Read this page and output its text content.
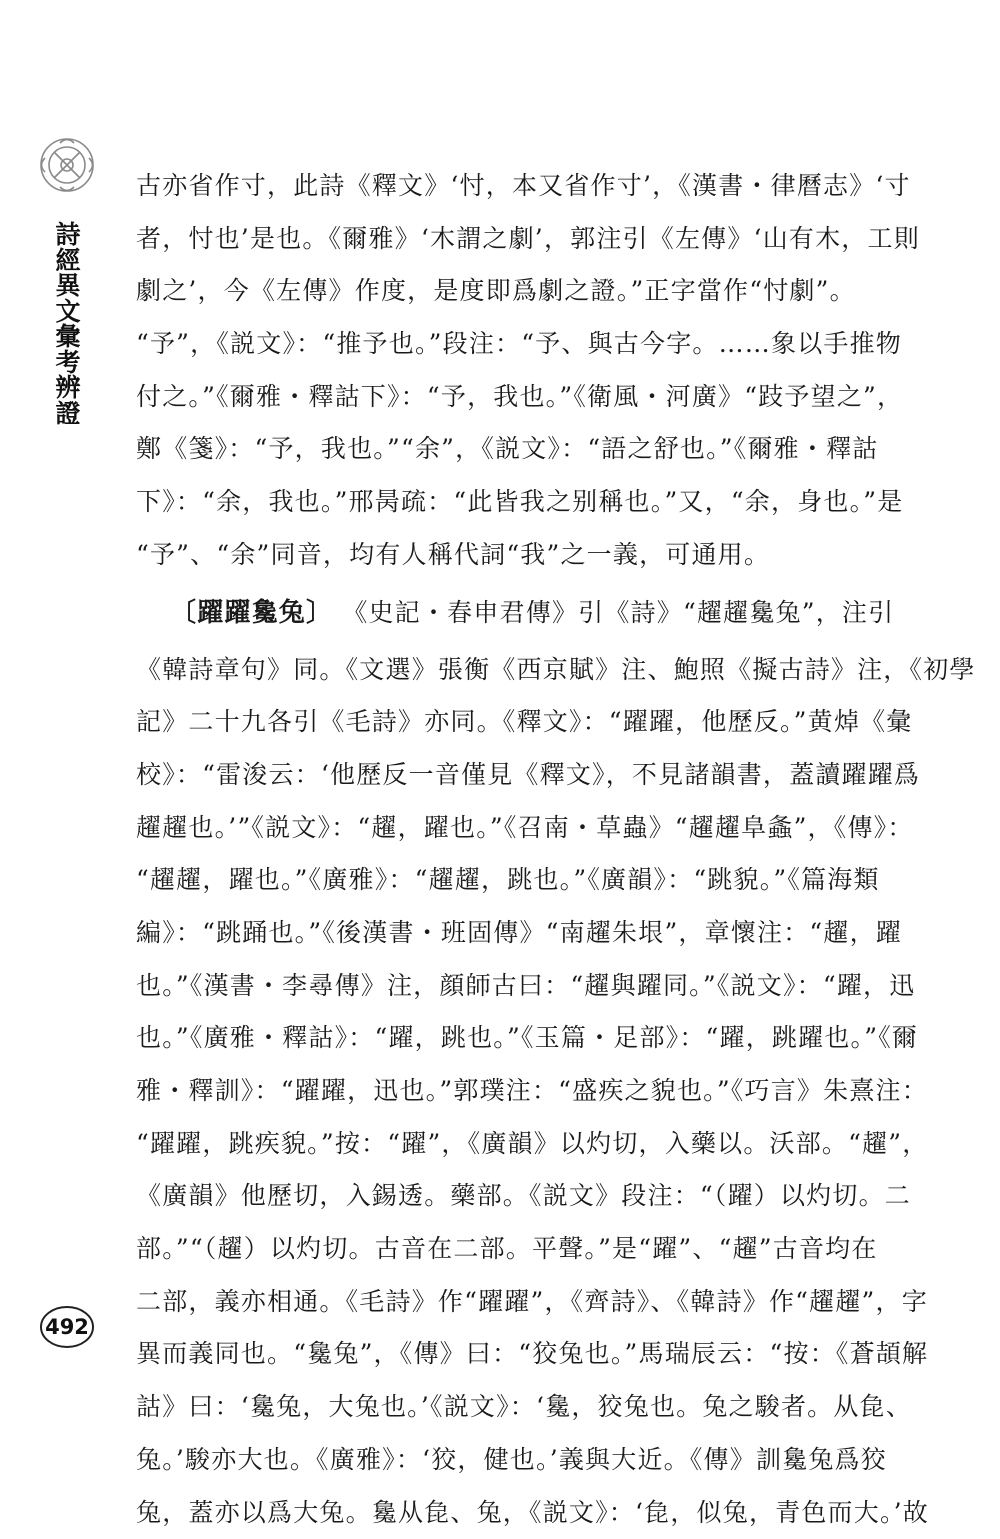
詩
經
異
文
彙
考
辨
證
492
古亦省作寸，此詩《釋文》‘忖，本又省作寸’，《漢書・律曆志》‘寸
者，忖也’是也。《爾雅》‘木謂之劇’，郭注引《左傳》‘山有木，工則
劇之’，今《左傳》作度，是度即爲劇之證。”正字當作“忖劇”。
“予”，《説文》：“推予也。”段注：“予、與古今字。……象以手推物
付之。”《爾雅・釋詁下》：“予，我也。”《衛風・河廣》“跂予望之”，
鄭《箋》：“予，我也。”“余”，《説文》：“語之舒也。”《爾雅・釋詁
下》：“余，我也。”邢昺疏：“此皆我之别稱也。”又，“余，身也。”是
“予”、“余”同音，均有人稱代詞“我”之一義，可通用。
〔躍躍毚兔〕 《史記・春申君傳》引《詩》“趯趯毚兔”，注引
《韓詩章句》同。《文選》張衡《西京賦》注、鮑照《擬古詩》注，《初學
記》二十九各引《毛詩》亦同。《釋文》：“躍躍，他歷反。”黄焯《彙
校》：“雷浚云：‘他歷反一音僅見《釋文》，不見諸韻書，蓋讀躍躍爲
趯趯也。’”《説文》：“趯，躍也。”《召南・草蟲》“趯趯阜螽”，《傳》：
“趯趯，躍也。”《廣雅》：“趯趯，跳也。”《廣韻》：“跳貌。”《篇海類
編》：“跳踊也。”《後漢書・班固傳》“南趯朱垠”，章懷注：“趯，躍
也。”《漢書・李尋傳》注，顔師古曰：“趯與躍同。”《説文》：“躍，迅
也。”《廣雅・釋詁》：“躍，跳也。”《玉篇・足部》：“躍，跳躍也。”《爾
雅・釋訓》：“躍躍，迅也。”郭璞注：“盛疾之貌也。”《巧言》朱熹注：
“躍躍，跳疾貌。”按：“躍”，《廣韻》以灼切，入藥以。沃部。“趯”，
《廣韻》他歷切，入錫透。藥部。《説文》段注：“（躍）以灼切。二
部。”“（趯）以灼切。古音在二部。平聲。”是“躍”、“趯”古音均在
二部，義亦相通。《毛詩》作“躍躍”，《齊詩》、《韓詩》作“趯趯”，字
異而義同也。“毚兔”，《傳》曰：“狡兔也。”馬瑞辰云：“按：《蒼頡解
詁》曰：‘毚兔，大兔也。’《説文》：‘毚，狡兔也。兔之駿者。从㲋、
兔。’駿亦大也。《廣雅》：‘狡，健也。’義與大近。《傳》訓毚兔爲狡
兔，蓋亦以爲大兔。毚从㲋、兔，《説文》：‘㲋，似兔，青色而大。’故
